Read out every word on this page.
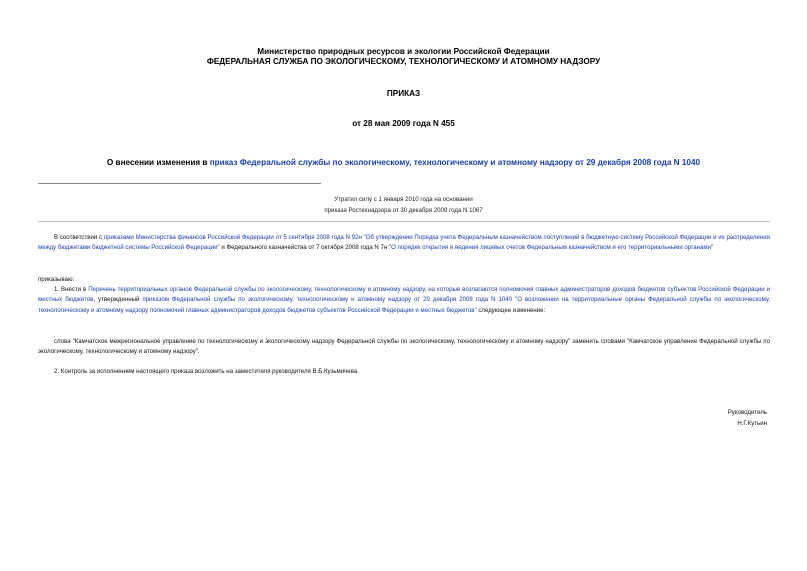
Министерство природных ресурсов и экологии Российской Федерации
ФЕДЕРАЛЬНАЯ СЛУЖБА ПО ЭКОЛОГИЧЕСКОМУ, ТЕХНОЛОГИЧЕСКОМУ И АТОМНОМУ НАДЗОРУ
ПРИКАЗ
от 28 мая 2009 года N 455
О внесении изменения в приказ Федеральной службы по экологическому, технологическому и атомному надзору от 29 декабря 2008 года N 1040
Утратил силу с 1 января 2010 года на основании
приказа Ростехнадзора от 30 декабря 2009 года N 1067
В соответствии с приказами Министерства финансов Российской Федерации от 5 сентября 2008 года N 92н "Об утверждении Порядка учета Федеральным казначейством поступлений в бюджетную систему Российской Федерации и их распределения между бюджетами бюджетной системы Российской Федерации" и Федерального казначейства от 7 октября 2008 года N 7н "О порядке открытия и ведения лицевых счетов Федеральным казначейством и его территориальными органами"
приказываю:
1. Внести в Перечень территориальных органов Федеральной службы по экологическому, технологическому и атомному надзору, на которые возлагаются полномочия главных администраторов доходов бюджетов субъектов Российской Федерации и местных бюджетов, утвержденный приказом Федеральной службы по экологическому, технологическому и атомному надзору от 29 декабря 2008 года N 1040 "О возложении на территориальные органы Федеральной службы по экологическому, технологическому и атомному надзору полномочий главных администраторов доходов бюджетов субъектов Российской Федерации и местных бюджетов" следующее изменение:
слова "Камчатское межрегиональное управление по технологическому и экологическому надзору Федеральной службы по экологическому, технологическому и атомному надзору" заменить словами "Камчатское управление Федеральной службы по экологическому, технологическому и атомному надзору".
2. Контроль за исполнением настоящего приказа возложить на заместителя руководителя В.Б.Кузьмичева.
Руководитель
Н.Г.Кутьин
